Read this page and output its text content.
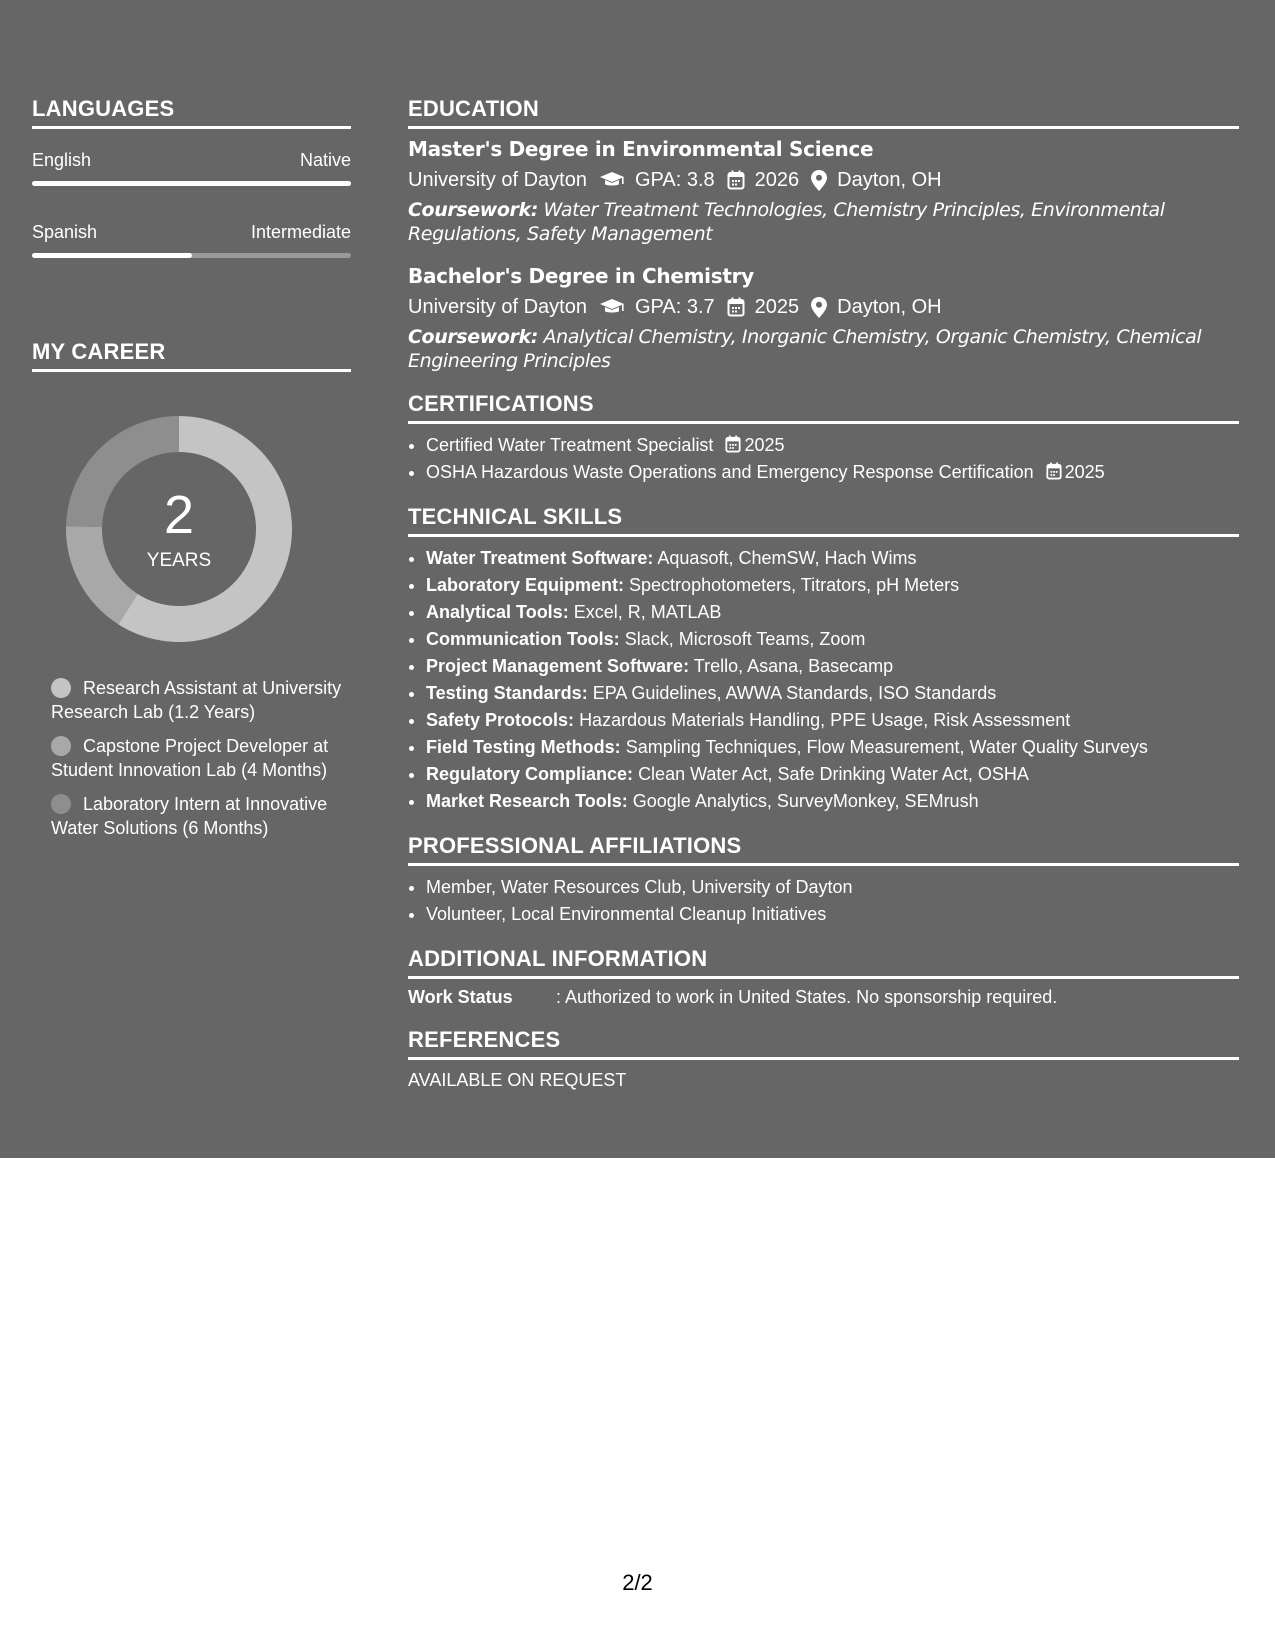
LANGUAGES
English	Native
Spanish	Intermediate
MY CAREER
2
YEARS
Research Assistant at University Research Lab (1.2 Years)
Capstone Project Developer at Student Innovation Lab (4 Months)
Laboratory Intern at Innovative Water Solutions (6 Months)
EDUCATION
Master's Degree in Environmental Science
University of Dayton GPA: 3.8 2026 Dayton, OH
Coursework: Water Treatment Technologies, Chemistry Principles, Environmental Regulations, Safety Management
Bachelor's Degree in Chemistry
University of Dayton GPA: 3.7 2025 Dayton, OH
Coursework: Analytical Chemistry, Inorganic Chemistry, Organic Chemistry, Chemical Engineering Principles
CERTIFICATIONS
• Certified Water Treatment Specialist 2025
• OSHA Hazardous Waste Operations and Emergency Response Certification 2025
TECHNICAL SKILLS
• Water Treatment Software: Aquasoft, ChemSW, Hach Wims
• Laboratory Equipment: Spectrophotometers, Titrators, pH Meters
• Analytical Tools: Excel, R, MATLAB
• Communication Tools: Slack, Microsoft Teams, Zoom
• Project Management Software: Trello, Asana, Basecamp
• Testing Standards: EPA Guidelines, AWWA Standards, ISO Standards
• Safety Protocols: Hazardous Materials Handling, PPE Usage, Risk Assessment
• Field Testing Methods: Sampling Techniques, Flow Measurement, Water Quality Surveys
• Regulatory Compliance: Clean Water Act, Safe Drinking Water Act, OSHA
• Market Research Tools: Google Analytics, SurveyMonkey, SEMrush
PROFESSIONAL AFFILIATIONS
• Member, Water Resources Club, University of Dayton
• Volunteer, Local Environmental Cleanup Initiatives
ADDITIONAL INFORMATION
Work Status	: Authorized to work in United States. No sponsorship required.
REFERENCES
AVAILABLE ON REQUEST
2/2
